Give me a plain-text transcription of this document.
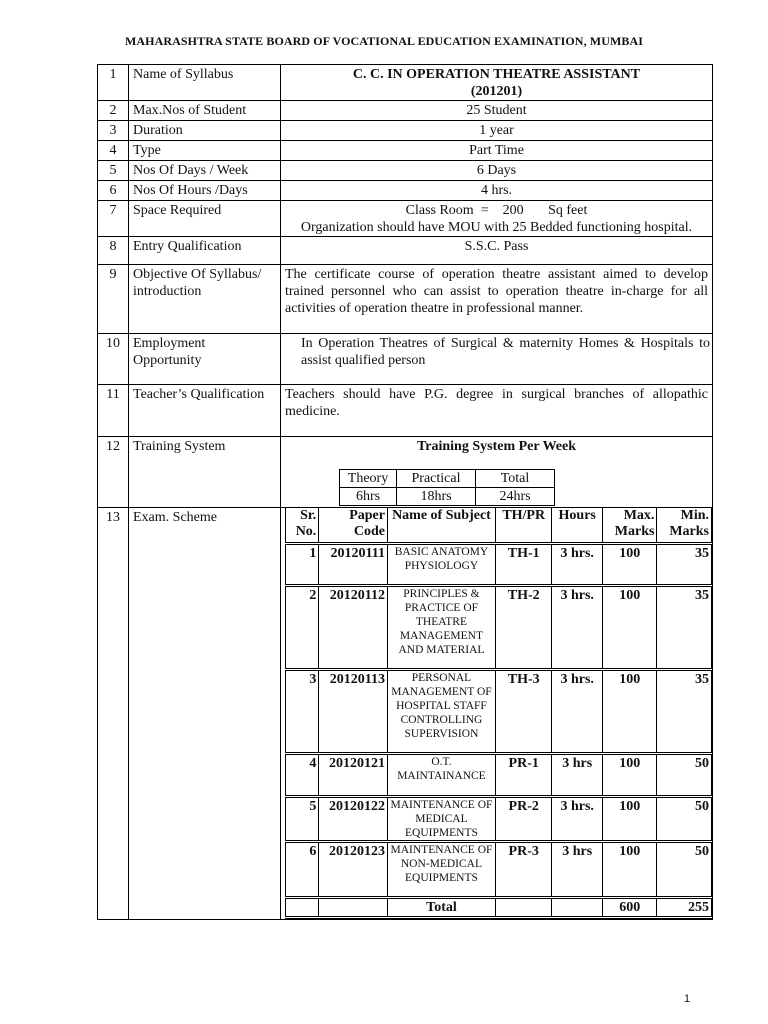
MAHARASHTRA STATE BOARD OF VOCATIONAL EDUCATION EXAMINATION, MUMBAI
1	Name of Syllabus	C. C. IN OPERATION THEATRE ASSISTANT
(201201)

2	Max.Nos of Student	25 Student
3	Duration	1 year
4	Type	Part Time
5	Nos Of Days / Week	6 Days
6	Nos Of Hours /Days	4 hrs.
7	Space Required	Class Room  =    200       Sq feet
Organization should have MOU with 25 Bedded functioning hospital.

8	Entry Qualification	S.S.C. Pass
9	Objective Of Syllabus/ introduction	The certificate course of operation theatre assistant aimed to develop trained personnel who can assist to operation theatre in-charge for all activities of operation theatre in professional manner.
10	Employment Opportunity	In Operation Theatres of Surgical & maternity Homes & Hospitals to assist qualified person
11	Teacher’s Qualification	Teachers should have P.G. degree in surgical branches of allopathic medicine.
12	Training System	Training System Per Week
Theory	Practical	Total
6hrs	18hrs	24hrs

13	Exam. Scheme		Sr. No.	Paper Code	Name of Subject	TH/PR	Hours	Max. Marks	Min. Marks
1	20120111	BASIC ANATOMY PHYSIOLOGY	TH-1	3 hrs.	100	35
2	20120112	PRINCIPLES & PRACTICE OF THEATRE MANAGEMENT AND MATERIAL	TH-2	3 hrs.	100	35
3	20120113	PERSONAL MANAGEMENT OF HOSPITAL STAFF CONTROLLING SUPERVISION	TH-3	3 hrs.	100	35
4	20120121	O.T. MAINTAINANCE	PR-1	3 hrs	100	50
5	20120122	MAINTENANCE OF MEDICAL EQUIPMENTS	PR-2	3 hrs.	100	50
6	20120123	MAINTENANCE OF NON-MEDICAL EQUIPMENTS	PR-3	3 hrs	100	50
		Total			600	255
1
